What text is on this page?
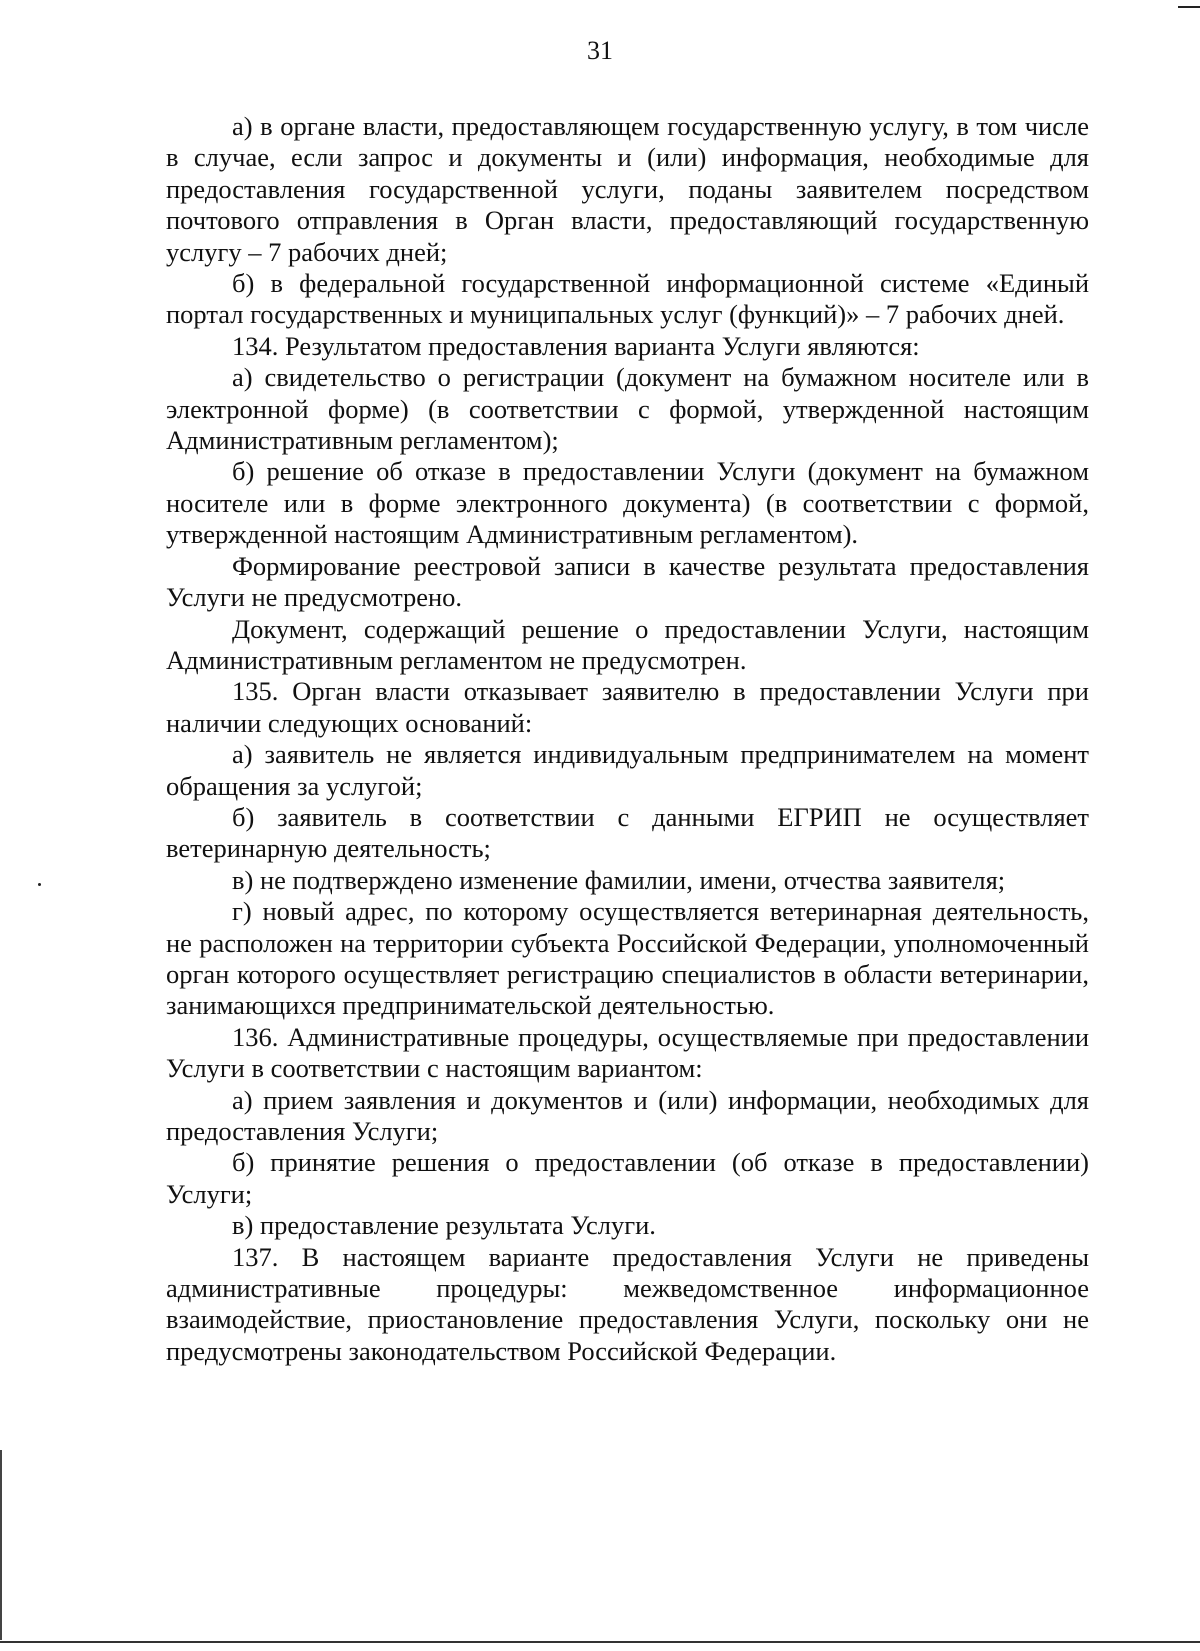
31

а) в органе власти, предоставляющем государственную услугу, в том числе в случае, если запрос и документы и (или) информация, необходимые для предоставления государственной услуги, поданы заявителем посредством почтового отправления в Орган власти, предоставляющий государственную услугу – 7 рабочих дней;

б) в федеральной государственной информационной системе «Единый портал государственных и муниципальных услуг (функций)» – 7 рабочих дней.

134. Результатом предоставления варианта Услуги являются:

а) свидетельство о регистрации (документ на бумажном носителе или в электронной форме) (в соответствии с формой, утвержденной настоящим Административным регламентом);

б) решение об отказе в предоставлении Услуги (документ на бумажном носителе или в форме электронного документа) (в соответствии с формой, утвержденной настоящим Административным регламентом).

Формирование реестровой записи в качестве результата предоставления Услуги не предусмотрено.

Документ, содержащий решение о предоставлении Услуги, настоящим Административным регламентом не предусмотрен.

135. Орган власти отказывает заявителю в предоставлении Услуги при наличии следующих оснований:

а) заявитель не является индивидуальным предпринимателем на момент обращения за услугой;

б) заявитель в соответствии с данными ЕГРИП не осуществляет ветеринарную деятельность;

в) не подтверждено изменение фамилии, имени, отчества заявителя;

г) новый адрес, по которому осуществляется ветеринарная деятельность, не расположен на территории субъекта Российской Федерации, уполномоченный орган которого осуществляет регистрацию специалистов в области ветеринарии, занимающихся предпринимательской деятельностью.

136. Административные процедуры, осуществляемые при предоставлении Услуги в соответствии с настоящим вариантом:

а) прием заявления и документов и (или) информации, необходимых для предоставления Услуги;

б) принятие решения о предоставлении (об отказе в предоставлении) Услуги;

в) предоставление результата Услуги.

137. В настоящем варианте предоставления Услуги не приведены административные процедуры: межведомственное информационное взаимодействие, приостановление предоставления Услуги, поскольку они не предусмотрены законодательством Российской Федерации.
